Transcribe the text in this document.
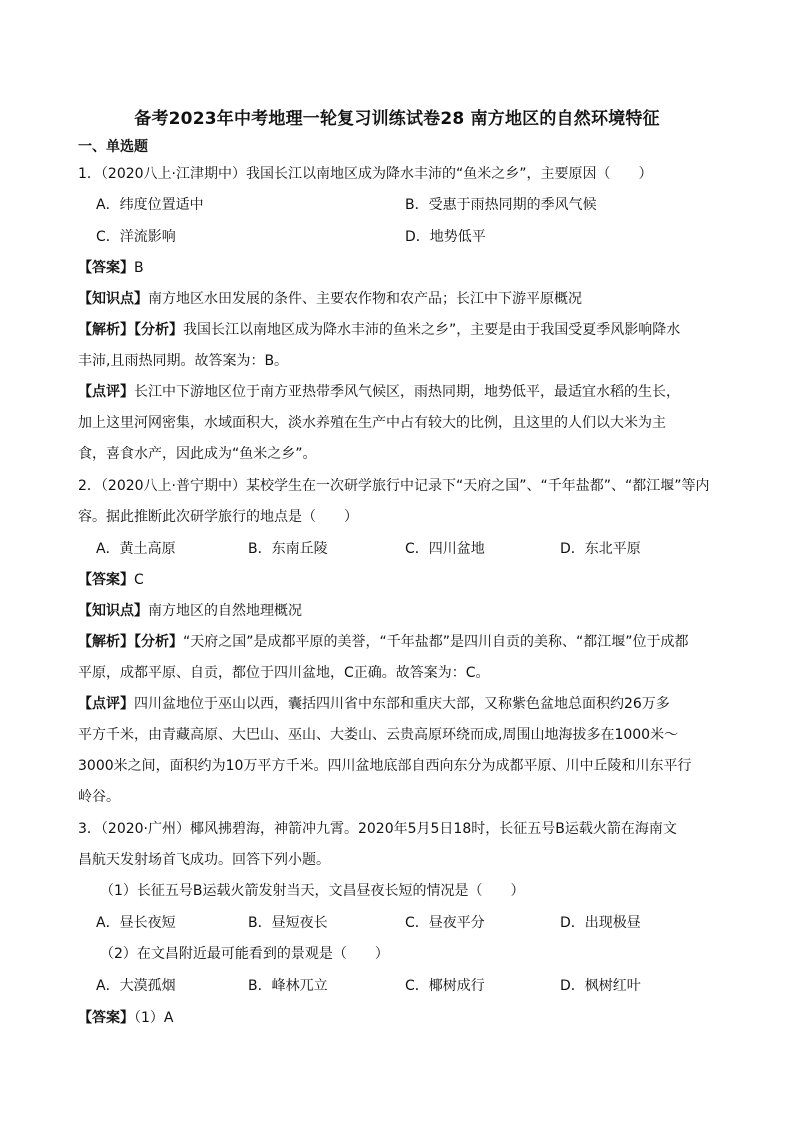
备考2023年中考地理一轮复习训练试卷28 南方地区的自然环境特征
一、单选题
1．（2020八上·江津期中）我国长江以南地区成为降水丰沛的“鱼米之乡”，主要原因（　　）
A．纬度位置适中	B．受惠于雨热同期的季风气候
C．洋流影响	D．地势低平
【答案】B
【知识点】南方地区水田发展的条件、主要农作物和农产品；长江中下游平原概况
【解析】【分析】我国长江以南地区成为降水丰沛的鱼米之乡”，主要是由于我国受夏季风影响降水
丰沛,且雨热同期。故答案为：B。
【点评】长江中下游地区位于南方亚热带季风气候区，雨热同期，地势低平，最适宜水稻的生长，
加上这里河网密集，水域面积大，淡水养殖在生产中占有较大的比例，且这里的人们以大米为主
食，喜食水产，因此成为“鱼米之乡”。
2．（2020八上·普宁期中）某校学生在一次研学旅行中记录下“天府之国”、“千年盐都”、“都江堰”等内
容。据此推断此次研学旅行的地点是（　　）
A．黄土高原	B．东南丘陵	C．四川盆地	D．东北平原
【答案】C
【知识点】南方地区的自然地理概况
【解析】【分析】“天府之国”是成都平原的美誉，“千年盐都”是四川自贡的美称、“都江堰”位于成都
平原，成都平原、自贡，都位于四川盆地，C正确。故答案为：C。
【点评】四川盆地位于巫山以西，囊括四川省中东部和重庆大部，又称紫色盆地总面积约26万多
平方千米，由青藏高原、大巴山、巫山、大娄山、云贵高原环绕而成,周围山地海拔多在1000米～
3000米之间，面积约为10万平方千米。四川盆地底部自西向东分为成都平原、川中丘陵和川东平行
岭谷。
3．（2020·广州）椰风拂碧海，神箭冲九霄。2020年5月5日18时，长征五号B运载火箭在海南文
昌航天发射场首飞成功。回答下列小题。
（1）长征五号B运载火箭发射当天，文昌昼夜长短的情况是（　　）
A．昼长夜短	B．昼短夜长	C．昼夜平分	D．出现极昼
（2）在文昌附近最可能看到的景观是（　　）
A．大漠孤烟	B．峰林兀立	C．椰树成行	D．枫树红叶
【答案】（1）A
